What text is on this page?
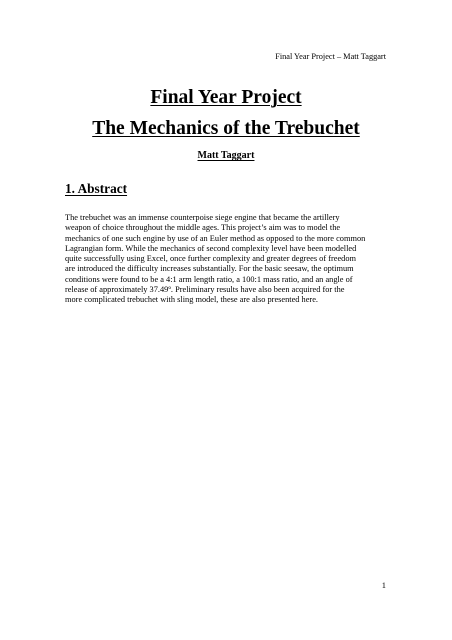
Final Year Project – Matt Taggart
Final Year Project
The Mechanics of the Trebuchet
Matt Taggart
1. Abstract
The trebuchet was an immense counterpoise siege engine that became the artillery
weapon of choice throughout the middle ages. This project’s aim was to model the
mechanics of one such engine by use of an Euler method as opposed to the more common
Lagrangian form. While the mechanics of second complexity level have been modelled
quite successfully using Excel, once further complexity and greater degrees of freedom
are introduced the difficulty increases substantially. For the basic seesaw, the optimum
conditions were found to be a 4:1 arm length ratio, a 100:1 mass ratio, and an angle of
release of approximately 37.49º. Preliminary results have also been acquired for the
more complicated trebuchet with sling model, these are also presented here.
1
